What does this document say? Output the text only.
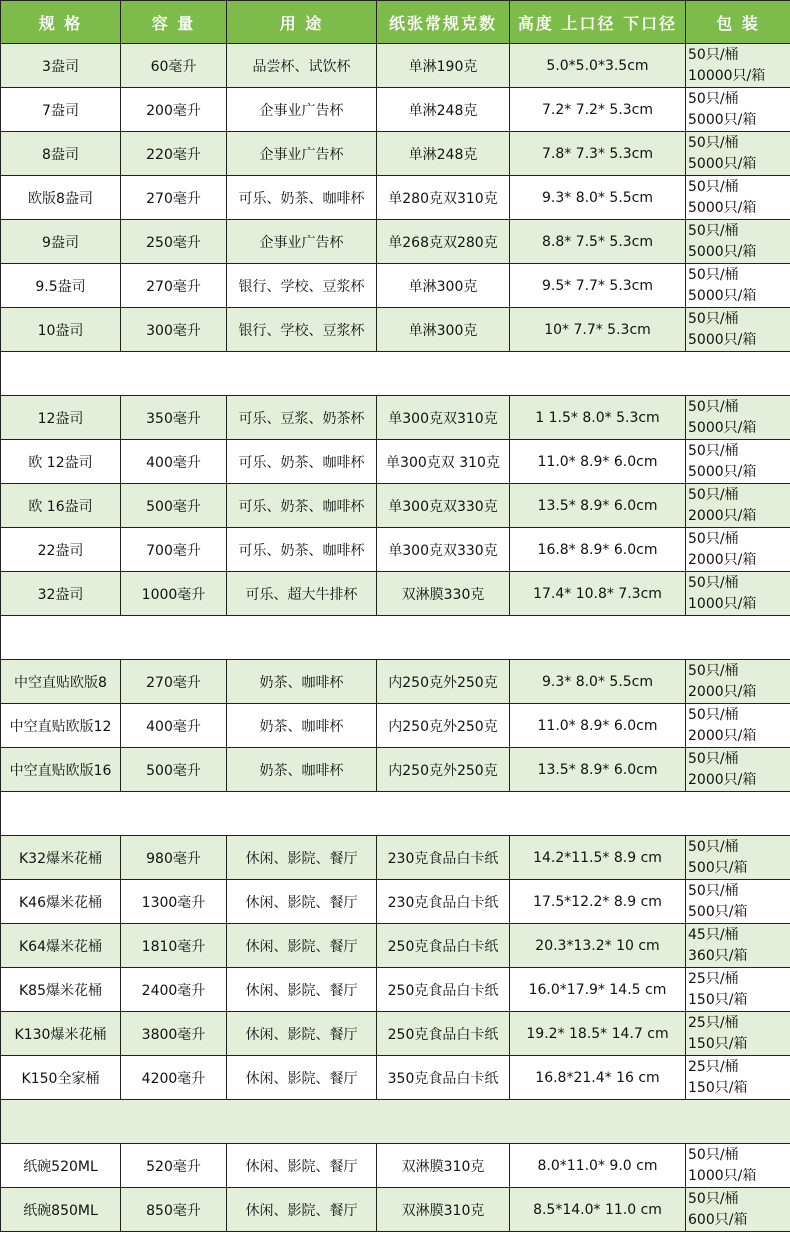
规 格	容 量	用 途	纸张常规克数	高度 上口径 下口径	包 装
3盎司	60毫升	品尝杯、试饮杯	单淋190克	5.0*5.0*3.5cm	50只/桶
10000只/箱

7盎司	200毫升	企事业广告杯	单淋248克	7.2* 7.2* 5.3cm	50只/桶
5000只/箱

8盎司	220毫升	企事业广告杯	单淋248克	7.8* 7.3* 5.3cm	50只/桶
5000只/箱

欧版8盎司	270毫升	可乐、奶茶、咖啡杯	单280克双310克	9.3* 8.0* 5.5cm	50只/桶
5000只/箱

9盎司	250毫升	企事业广告杯	单268克双280克	8.8* 7.5* 5.3cm	50只/桶
5000只/箱

9.5盎司	270毫升	银行、学校、豆浆杯	单淋300克	9.5* 7.7* 5.3cm	50只/桶
5000只/箱

10盎司	300毫升	银行、学校、豆浆杯	单淋300克	10* 7.7* 5.3cm	50只/桶
5000只/箱

12盎司	350毫升	可乐、豆浆、奶茶杯	单300克双310克	1 1.5* 8.0* 5.3cm	50只/桶
5000只/箱

欧 12盎司	400毫升	可乐、奶茶、咖啡杯	单300克双 310克	11.0* 8.9* 6.0cm	50只/桶
5000只/箱

欧 16盎司	500毫升	可乐、奶茶、咖啡杯	单300克双330克	13.5* 8.9* 6.0cm	50只/桶
2000只/箱

22盎司	700毫升	可乐、奶茶、咖啡杯	单300克双330克	16.8* 8.9* 6.0cm	50只/桶
2000只/箱

32盎司	1000毫升	可乐、超大牛排杯	双淋膜330克	17.4* 10.8* 7.3cm	50只/桶
1000只/箱

中空直贴欧版8	270毫升	奶茶、咖啡杯	内250克外250克	9.3* 8.0* 5.5cm	50只/桶
2000只/箱

中空直贴欧版12	400毫升	奶茶、咖啡杯	内250克外250克	11.0* 8.9* 6.0cm	50只/桶
2000只/箱

中空直贴欧版16	500毫升	奶茶、咖啡杯	内250克外250克	13.5* 8.9* 6.0cm	50只/桶
2000只/箱

K32爆米花桶	980毫升	休闲、影院、餐厅	230克食品白卡纸	14.2*11.5* 8.9 cm	50只/桶
500只/箱

K46爆米花桶	1300毫升	休闲、影院、餐厅	230克食品白卡纸	17.5*12.2* 8.9 cm	50只/桶
500只/箱

K64爆米花桶	1810毫升	休闲、影院、餐厅	250克食品白卡纸	20.3*13.2* 10 cm	45只/桶
360只/箱

K85爆米花桶	2400毫升	休闲、影院、餐厅	250克食品白卡纸	16.0*17.9* 14.5 cm	25只/桶
150只/箱

K130爆米花桶	3800毫升	休闲、影院、餐厅	250克食品白卡纸	19.2* 18.5* 14.7 cm	25只/桶
150只/箱

K150全家桶	4200毫升	休闲、影院、餐厅	350克食品白卡纸	16.8*21.4* 16 cm	25只/桶
150只/箱

纸碗520ML	520毫升	休闲、影院、餐厅	双淋膜310克	8.0*11.0* 9.0 cm	50只/桶
1000只/箱

纸碗850ML	850毫升	休闲、影院、餐厅	双淋膜310克	8.5*14.0* 11.0 cm	50只/桶
600只/箱
